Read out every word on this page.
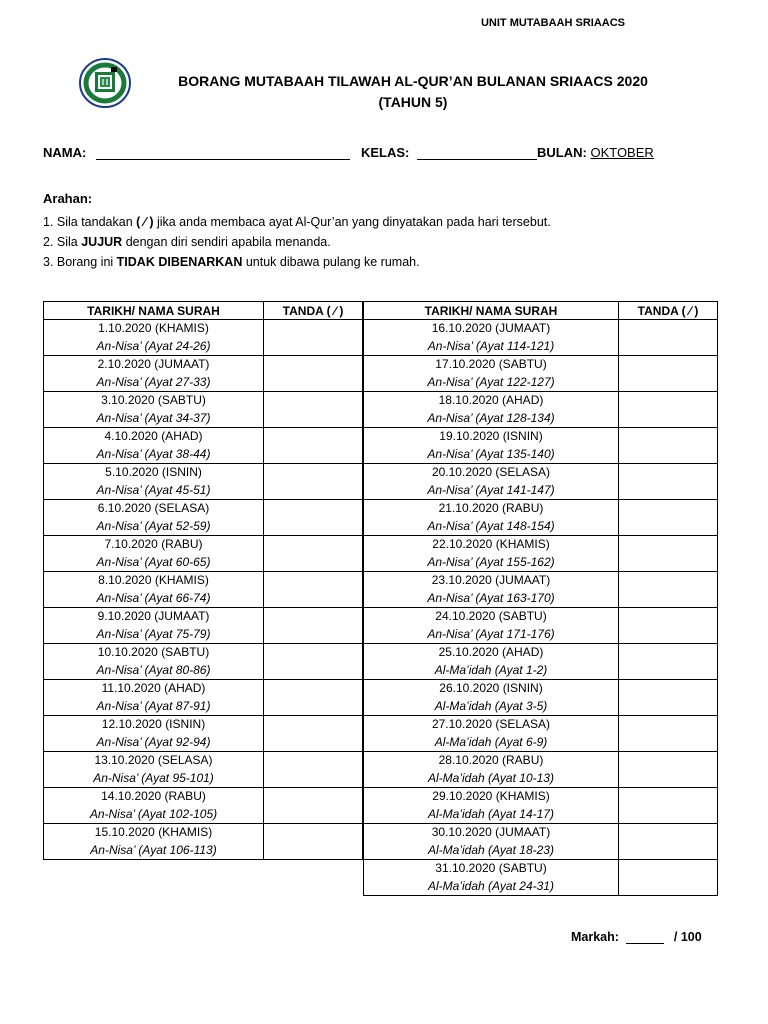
UNIT MUTABAAH SRIAACS
BORANG MUTABAAH TILAWAH AL-QUR’AN BULANAN SRIAACS 2020
(TAHUN 5)
NAMA:	KELAS:	BULAN: OKTOBER
Arahan:
1. Sila tandakan ( ⁄ ) jika anda membaca ayat Al-Qur’an yang dinyatakan pada hari tersebut.
2. Sila JUJUR dengan diri sendiri apabila menanda.
3. Borang ini TIDAK DIBENARKAN untuk dibawa pulang ke rumah.
TARIKH/ NAMA SURAH	TANDA ( ⁄ )

1.10.2020 (KHAMIS)
An-Nisa’ (Ayat 24-26)	

2.10.2020 (JUMAAT)
An-Nisa’ (Ayat 27-33)	

3.10.2020 (SABTU)
An-Nisa’ (Ayat 34-37)	

4.10.2020 (AHAD)
An-Nisa’ (Ayat 38-44)	

5.10.2020 (ISNIN)
An-Nisa’ (Ayat 45-51)	

6.10.2020 (SELASA)
An-Nisa’ (Ayat 52-59)	

7.10.2020 (RABU)
An-Nisa’ (Ayat 60-65)	

8.10.2020 (KHAMIS)
An-Nisa’ (Ayat 66-74)	

9.10.2020 (JUMAAT)
An-Nisa’ (Ayat 75-79)	

10.10.2020 (SABTU)
An-Nisa’ (Ayat 80-86)	

11.10.2020 (AHAD)
An-Nisa’ (Ayat 87-91)	

12.10.2020 (ISNIN)
An-Nisa’ (Ayat 92-94)	

13.10.2020 (SELASA)
An-Nisa’ (Ayat 95-101)	

14.10.2020 (RABU)
An-Nisa’ (Ayat 102-105)	

15.10.2020 (KHAMIS)
An-Nisa’ (Ayat 106-113)	

TARIKH/ NAMA SURAH	TANDA ( ⁄ )

16.10.2020 (JUMAAT)
An-Nisa’ (Ayat 114-121)	

17.10.2020 (SABTU)
An-Nisa’ (Ayat 122-127)	

18.10.2020 (AHAD)
An-Nisa’ (Ayat 128-134)	

19.10.2020 (ISNIN)
An-Nisa’ (Ayat 135-140)	

20.10.2020 (SELASA)
An-Nisa’ (Ayat 141-147)	

21.10.2020 (RABU)
An-Nisa’ (Ayat 148-154)	

22.10.2020 (KHAMIS)
An-Nisa’ (Ayat 155-162)	

23.10.2020 (JUMAAT)
An-Nisa’ (Ayat 163-170)	

24.10.2020 (SABTU)
An-Nisa’ (Ayat 171-176)	

25.10.2020 (AHAD)
Al-Ma’idah (Ayat 1-2)	

26.10.2020 (ISNIN)
Al-Ma’idah (Ayat 3-5)	

27.10.2020 (SELASA)
Al-Ma’idah (Ayat 6-9)	

28.10.2020 (RABU)
Al-Ma’idah (Ayat 10-13)	

29.10.2020 (KHAMIS)
Al-Ma’idah (Ayat 14-17)	

30.10.2020 (JUMAAT)
Al-Ma’idah (Ayat 18-23)	

31.10.2020 (SABTU)
Al-Ma’idah (Ayat 24-31)	

Markah:	/ 100
